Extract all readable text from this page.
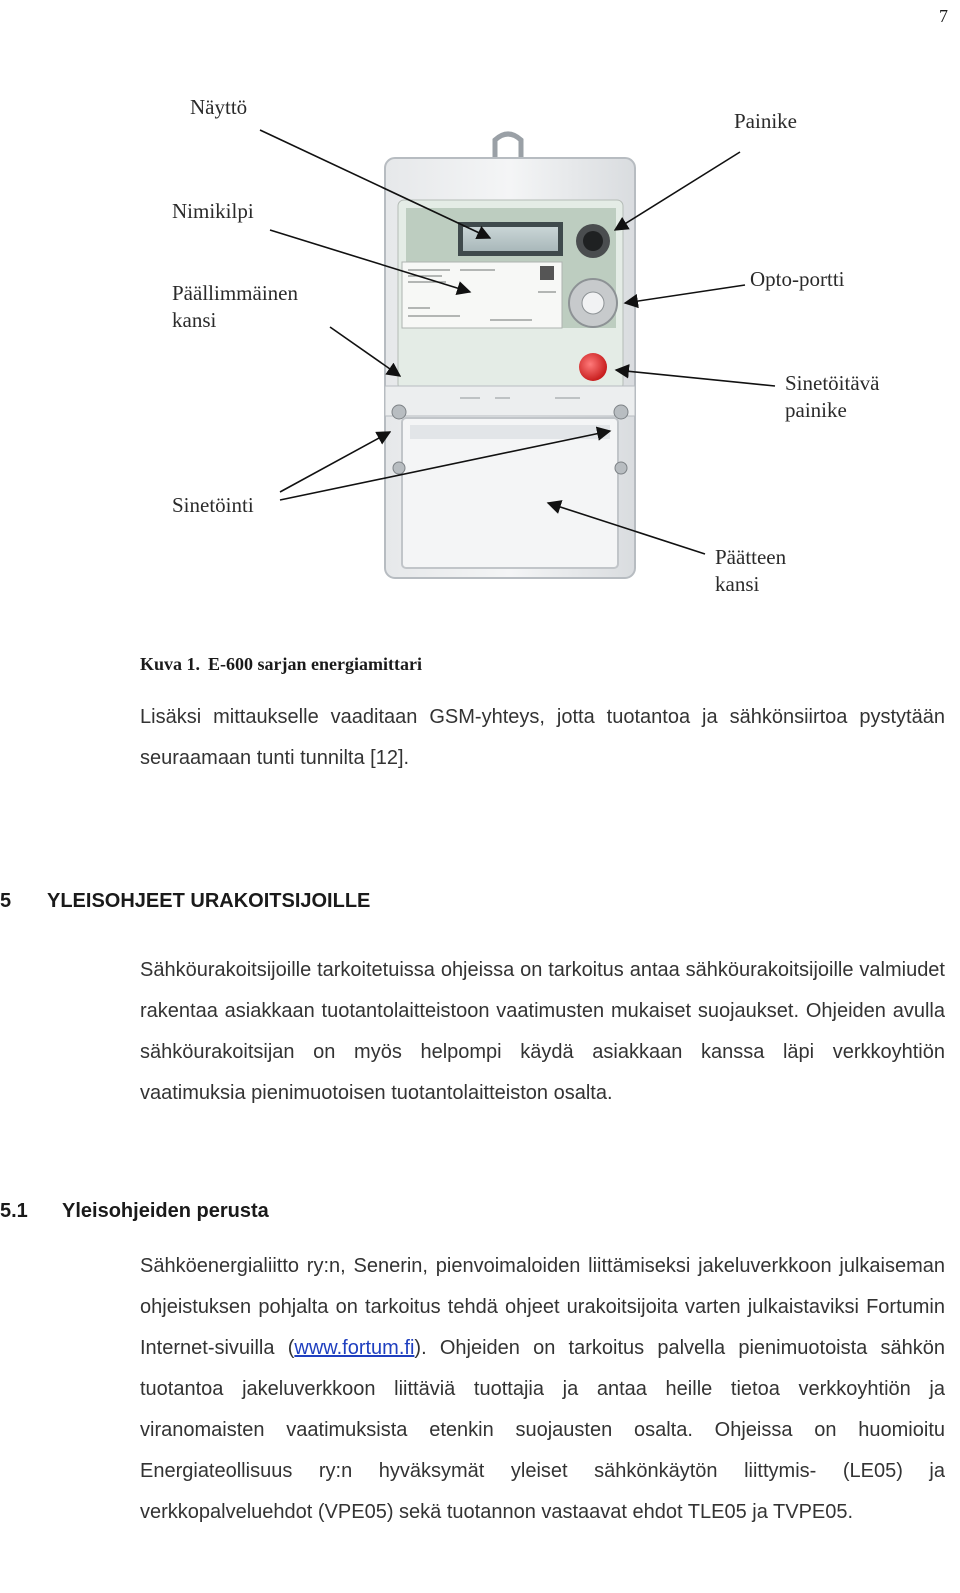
7
Näyttö
Nimikilpi
Päällimmäinen
kansi
Sinetöinti
Painike
Opto-portti
Sinetöitävä
painike
Päätteen
kansi
Kuva 1. E-600 sarjan energiamittari

Lisäksi mittaukselle vaaditaan GSM-yhteys, jotta tuotantoa ja sähkönsiirtoa pystytään seuraamaan tunti tunnilta [12].

5 YLEISOHJEET URAKOITSIJOILLE

Sähköurakoitsijoille tarkoitetuissa ohjeissa on tarkoitus antaa sähköurakoitsijoille valmiudet rakentaa asiakkaan tuotantolaitteistoon vaatimusten mukaiset suojaukset. Ohjeiden avulla sähköurakoitsijan on myös helpompi käydä asiakkaan kanssa läpi verkkoyhtiön vaatimuksia pienimuotoisen tuotantolaitteiston osalta.

5.1 Yleisohjeiden perusta

Sähköenergialiitto ry:n, Senerin, pienvoimaloiden liittämiseksi jakeluverkkoon julkaiseman ohjeistuksen pohjalta on tarkoitus tehdä ohjeet urakoitsijoita varten julkaistaviksi Fortumin Internet-sivuilla (www.fortum.fi). Ohjeiden on tarkoitus palvella pienimuotoista sähkön tuotantoa jakeluverkkoon liittäviä tuottajia ja antaa heille tietoa verkkoyhtiön ja viranomaisten vaatimuksista etenkin suojausten osalta. Ohjeissa on huomioitu Energiateollisuus ry:n hyväksymät yleiset sähkönkäytön liittymis- (LE05) ja verkkopalveluehdot (VPE05) sekä tuotannon vastaavat ehdot TLE05 ja TVPE05.
